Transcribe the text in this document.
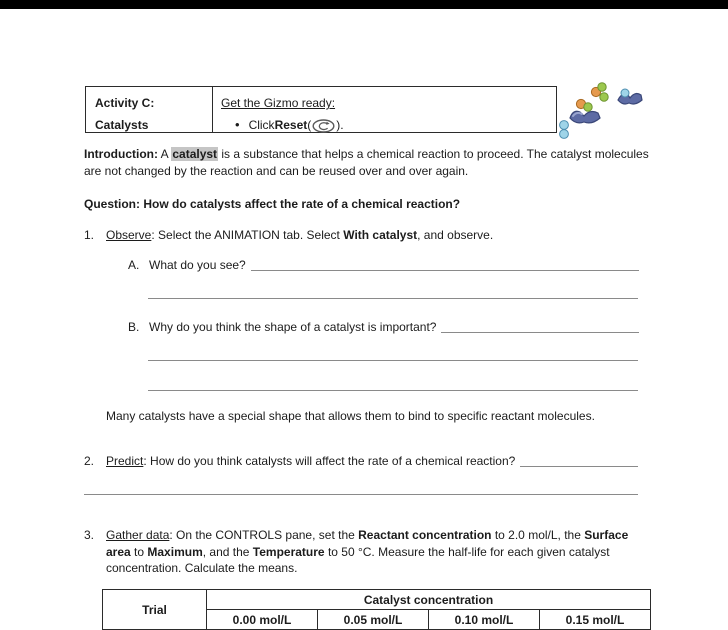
Activity C:
Catalysts
Get the Gizmo ready:
• Click Reset ( ).
Introduction: A catalyst is a substance that helps a chemical reaction to proceed. The catalyst molecules are not changed by the reaction and can be reused over and over again.
Question: How do catalysts affect the rate of a chemical reaction?
1. Observe: Select the ANIMATION tab. Select With catalyst, and observe.
A. What do you see?
B. Why do you think the shape of a catalyst is important?
Many catalysts have a special shape that allows them to bind to specific reactant molecules.
2. Predict: How do you think catalysts will affect the rate of a chemical reaction?
3. Gather data: On the CONTROLS pane, set the Reactant concentration to 2.0 mol/L, the Surface area to Maximum, and the Temperature to 50 °C. Measure the half-life for each given catalyst concentration. Calculate the means.
Trial	Catalyst concentration			
	0.00 mol/L	0.05 mol/L	0.10 mol/L	0.15 mol/L
